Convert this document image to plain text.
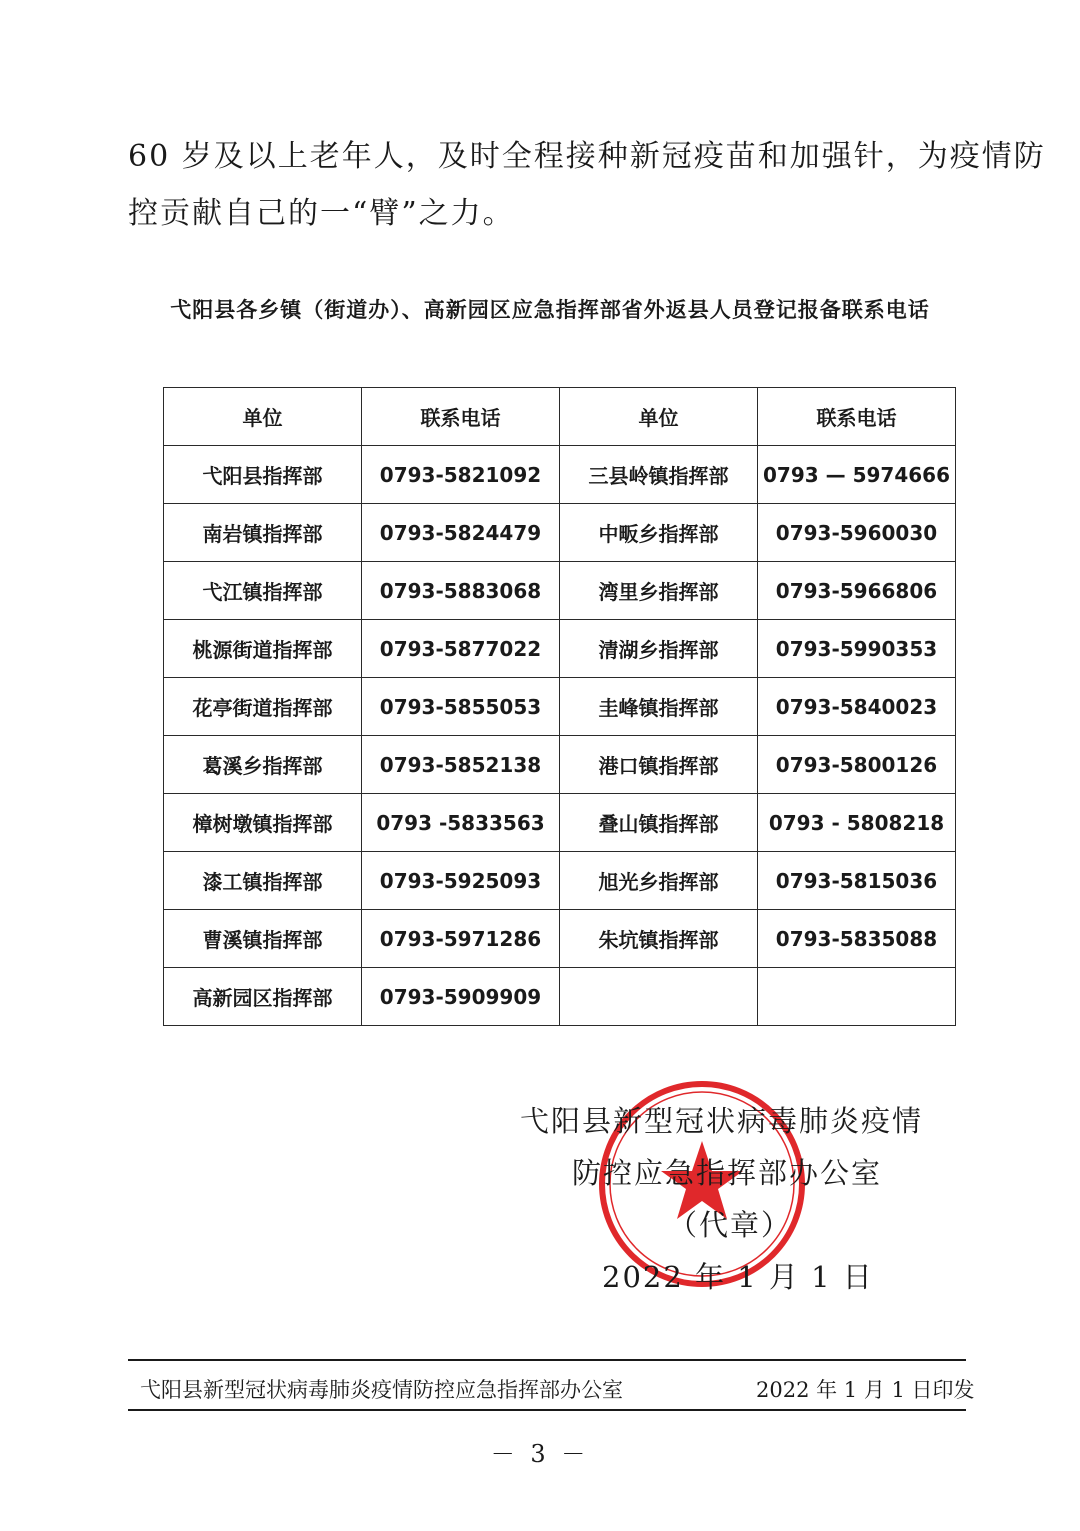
60 岁及以上老年人，及时全程接种新冠疫苗和加强针，为疫情防
控贡献自己的一“臂”之力。
弋阳县各乡镇（街道办）、高新园区应急指挥部省外返县人员登记报备联系电话
单位	联系电话	单位	联系电话
弋阳县指挥部	0793-5821092	三县岭镇指挥部	0793 — 5974666
南岩镇指挥部	0793-5824479	中畈乡指挥部	0793-5960030
弋江镇指挥部	0793-5883068	湾里乡指挥部	0793-5966806
桃源街道指挥部	0793-5877022	清湖乡指挥部	0793-5990353
花亭街道指挥部	0793-5855053	圭峰镇指挥部	0793-5840023
葛溪乡指挥部	0793-5852138	港口镇指挥部	0793-5800126
樟树墩镇指挥部	0793 -5833563	叠山镇指挥部	0793 - 5808218
漆工镇指挥部	0793-5925093	旭光乡指挥部	0793-5815036
曹溪镇指挥部	0793-5971286	朱坑镇指挥部	0793-5835088
高新园区指挥部	0793-5909909		
弋阳县新型冠状病毒肺炎疫情
防控应急指挥部办公室
（代章）
2022 年 1 月 1 日
弋阳县新型冠状病毒肺炎疫情防控应急指挥部办公室	2022 年 1 月 1 日印发
－ 3 －
